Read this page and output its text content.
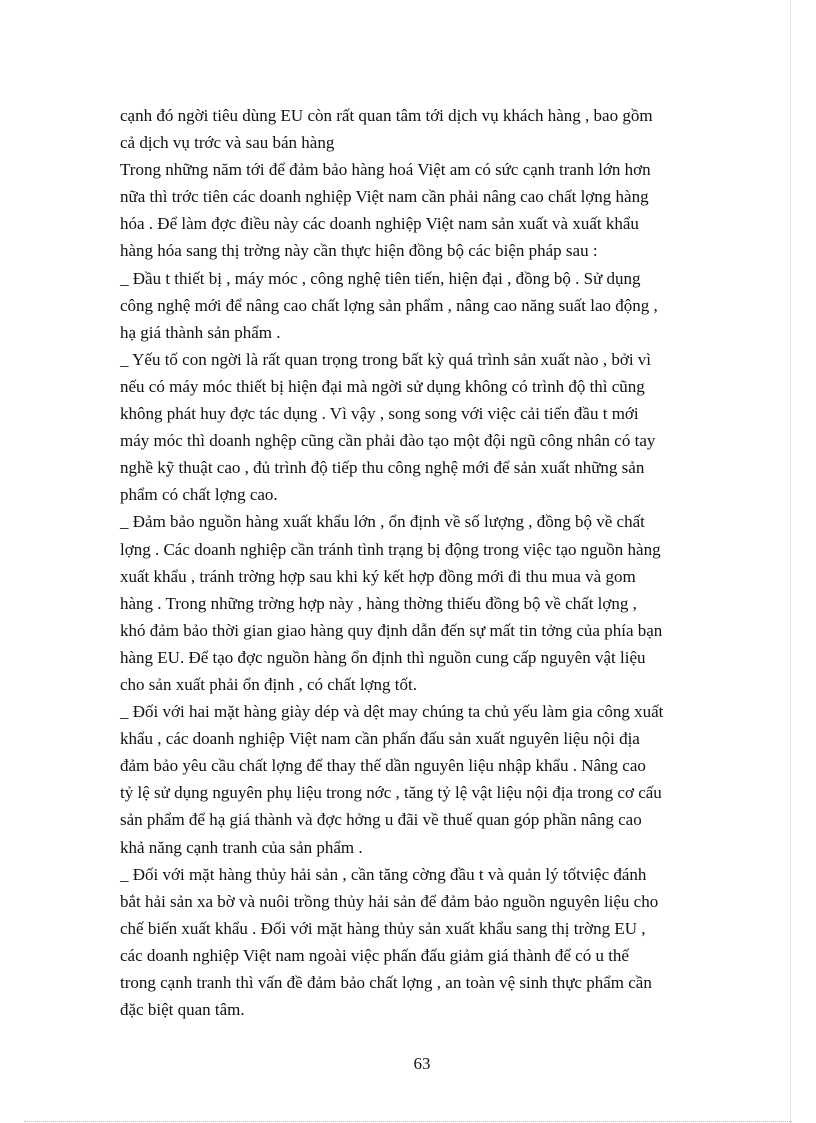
cạnh đó ngời tiêu dùng EU còn rất quan tâm tới dịch vụ khách hàng , bao gồm
cả dịch vụ trớc và sau bán hàng
Trong những năm tới để đảm bảo hàng hoá Việt am có sức cạnh tranh lớn hơn
nữa thì trớc tiên các doanh nghiệp Việt nam cần phải nâng cao chất lợng hàng
hóa . Để làm đợc điều này các doanh nghiệp Việt nam sản xuất và xuất khẩu
hàng hóa sang thị trờng này cần thực hiện đồng bộ các biện pháp sau :
_ Đầu t thiết bị , máy móc , công nghệ tiên tiến, hiện đại , đồng bộ . Sử dụng
công nghệ mới để nâng cao chất lợng sản phẩm , nâng cao năng suất lao động ,
hạ giá thành sản phẩm .
_ Yếu tố con ngời là rất quan trọng trong bất kỳ quá trình sản xuất nào , bởi vì
nếu có máy móc thiết bị hiện đại mà ngời sử dụng không có trình độ thì cũng
không phát huy đợc tác dụng . Vì vậy , song song với việc cải tiến đầu t mới
máy móc thì doanh nghệp cũng cần phải đào tạo một đội ngũ công nhân có tay
nghề kỹ thuật cao , đủ trình độ tiếp thu công nghệ mới để sản xuất những sản
phẩm có chất lợng cao.
_ Đảm bảo nguồn hàng xuất khẩu lớn , ổn định về số lượng , đồng bộ về chất
lợng . Các doanh nghiệp cần tránh tình trạng bị động trong việc tạo nguồn hàng
xuất khẩu , tránh trờng hợp sau khi ký kết hợp đồng mới đi thu mua và gom
hàng . Trong những trờng hợp này , hàng thờng thiếu đồng bộ về chất lợng ,
khó đảm bảo thời gian giao hàng quy định dẫn đến sự mất tin tởng của phía bạn
hàng EU. Để tạo đợc nguồn hàng ổn định thì nguồn cung cấp nguyên vật liệu
cho sản xuất phải ổn định , có chất lợng tốt.
_ Đối với hai mặt hàng giày dép và dệt may chúng ta chủ yếu làm gia công xuất
khẩu , các doanh nghiệp Việt nam cần phấn đấu sản xuất nguyên liệu nội địa
đảm bảo yêu cầu chất lợng để thay thế dần nguyên liệu nhập khẩu . Nâng cao
tỷ lệ sử dụng nguyên phụ liệu trong nớc , tăng tỷ lệ vật liệu nội địa trong cơ cấu
sản phẩm để hạ giá thành và đợc hởng u đãi về thuế quan góp phần nâng cao
khả năng cạnh tranh của sản phẩm .
_ Đối với mặt hàng thủy hải sản , cần tăng cờng đầu t và quản lý tốtviệc đánh
bắt hải sản xa bờ và nuôi trồng thủy hải sản để đảm bảo nguồn nguyên liệu cho
chế biến xuất khẩu . Đối với mặt hàng thủy sản xuất khẩu sang thị trờng EU ,
các doanh nghiệp Việt nam ngoài việc phấn đấu giảm giá thành để có u thế
trong cạnh tranh thì vấn đề đảm bảo chất lợng , an toàn vệ sinh thực phẩm cần
đặc biệt quan tâm.
63
